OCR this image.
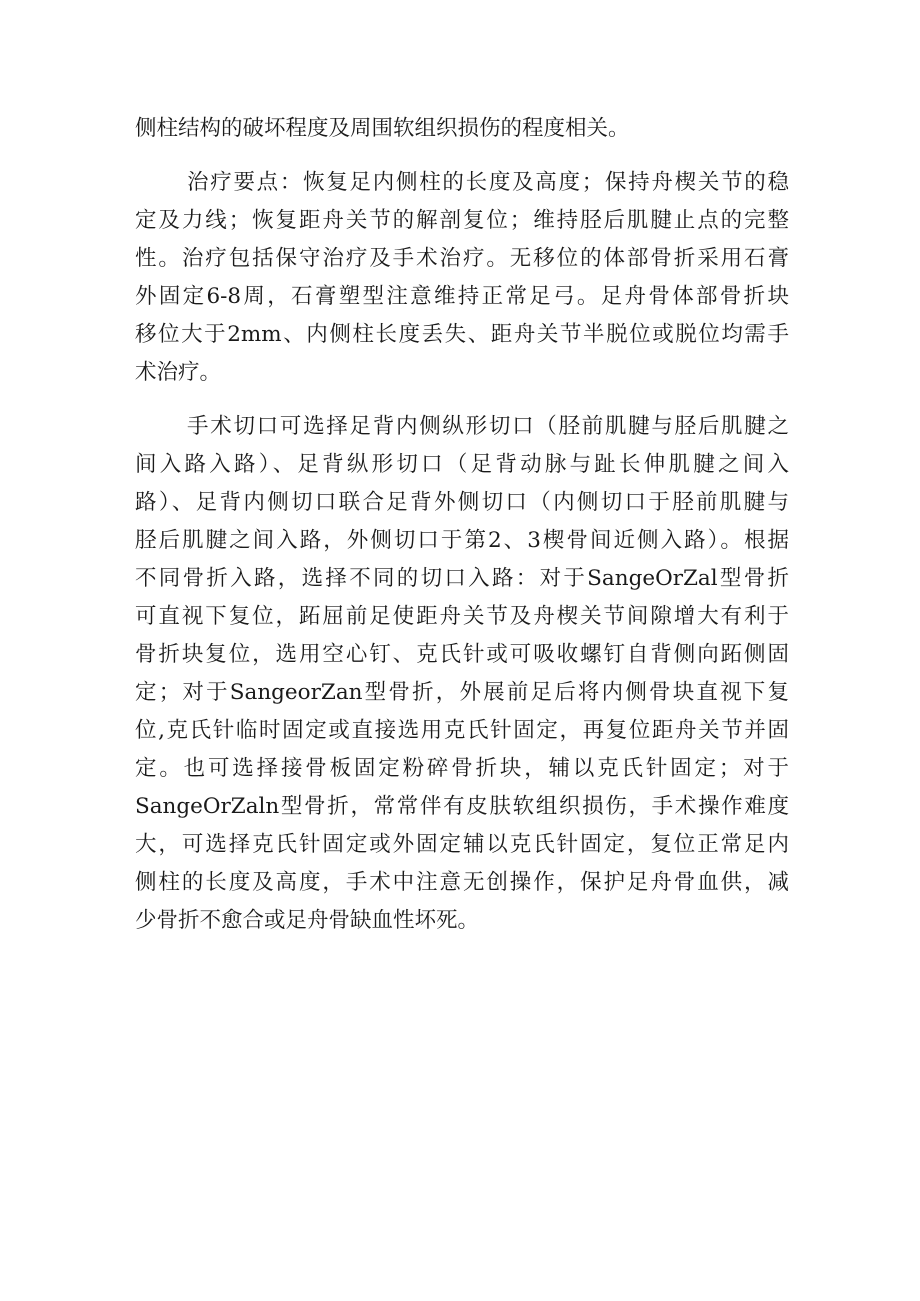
侧柱结构的破坏程度及周围软组织损伤的程度相关。
治疗要点：恢复足内侧柱的长度及高度；保持舟楔关节的稳
定及力线；恢复距舟关节的解剖复位；维持胫后肌腱止点的完整
性。治疗包括保守治疗及手术治疗。无移位的体部骨折采用石膏
外固定6-8周，石膏塑型注意维持正常足弓。足舟骨体部骨折块
移位大于2mm、内侧柱长度丢失、距舟关节半脱位或脱位均需手
术治疗。
手术切口可选择足背内侧纵形切口（胫前肌腱与胫后肌腱之
间入路入路）、足背纵形切口（足背动脉与趾长伸肌腱之间入
路）、足背内侧切口联合足背外侧切口（内侧切口于胫前肌腱与
胫后肌腱之间入路，外侧切口于第2、3楔骨间近侧入路）。根据
不同骨折入路，选择不同的切口入路：对于SangeOrZal型骨折
可直视下复位，跖屈前足使距舟关节及舟楔关节间隙增大有利于
骨折块复位，选用空心钉、克氏针或可吸收螺钉自背侧向跖侧固
定；对于SangeorZan型骨折，外展前足后将内侧骨块直视下复
位,克氏针临时固定或直接选用克氏针固定，再复位距舟关节并固
定。也可选择接骨板固定粉碎骨折块，辅以克氏针固定；对于
SangeOrZaln型骨折，常常伴有皮肤软组织损伤，手术操作难度
大，可选择克氏针固定或外固定辅以克氏针固定，复位正常足内
侧柱的长度及高度，手术中注意无创操作，保护足舟骨血供，减
少骨折不愈合或足舟骨缺血性坏死。
